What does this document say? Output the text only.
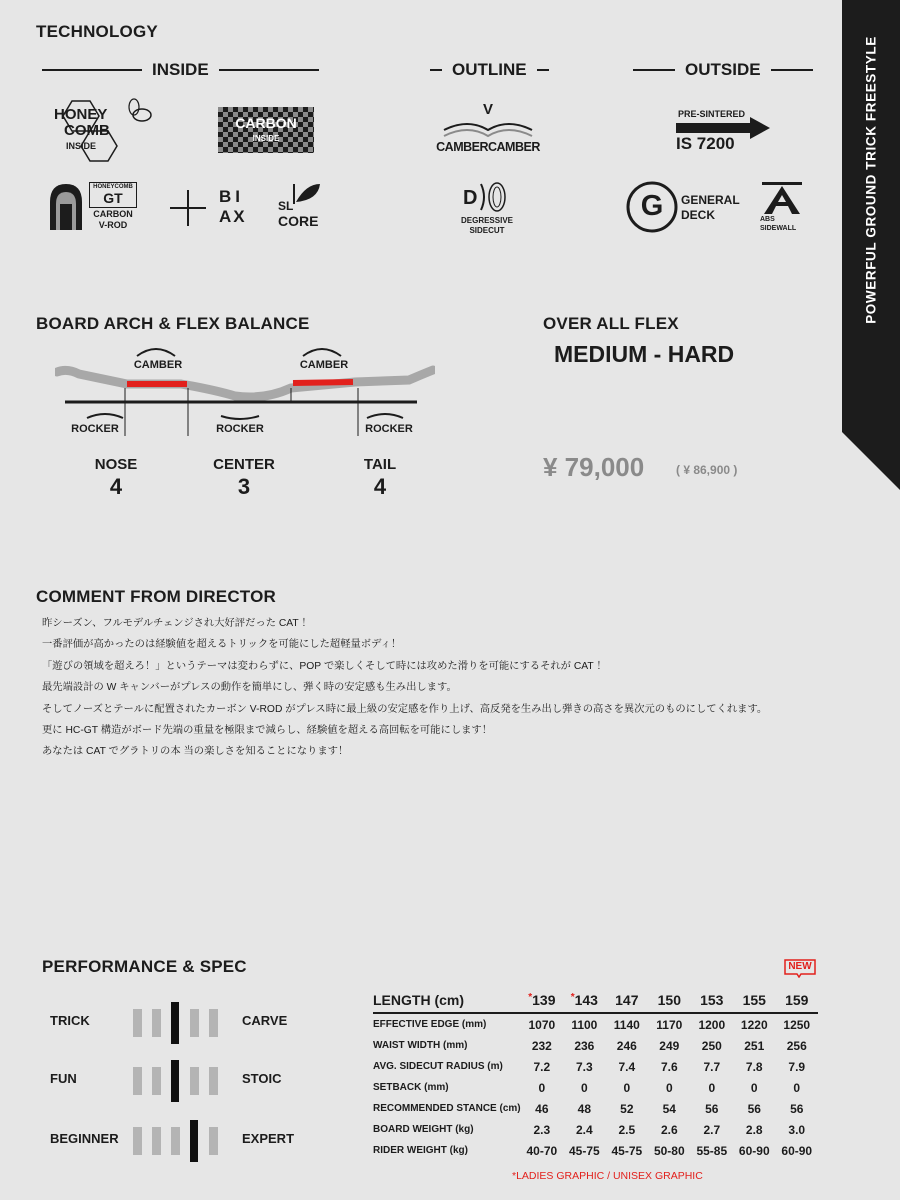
POWERFUL GROUND TRICK FREESTYLE
TECHNOLOGY
INSIDE	OUTLINE	OUTSIDE
HONEY
COMB
INSIDE
CARBON
INSIDE
HONEYCOMB
GT
CARBON
V-ROD
BI
AX
SL
CORE
V
CAMBERCAMBER
D
DEGRESSIVE
SIDECUT
PRE-SINTERED
IS 7200
G	GENERAL
DECK	ABS
SIDEWALL
BOARD ARCH & FLEX BALANCE
CAMBER	CAMBER
ROCKER	ROCKER	ROCKER
NOSE
4
CENTER
3
TAIL
4
OVER ALL FLEX
MEDIUM - HARD
¥ 79,000	( ¥ 86,900 )
COMMENT FROM DIRECTOR

昨シーズン、フルモデルチェンジされ大好評だった CAT ！

一番評価が高かったのは経験値を超えるトリックを可能にした超軽量ボディ！

「遊びの領域を超えろ！」というテーマは変わらずに、POP で楽しくそして時には攻めた滑りを可能にするそれが CAT ！

最先端設計の W キャンバーがプレスの動作を簡単にし、弾く時の安定感も生み出します。

そしてノーズとテールに配置されたカーボン V-ROD がプレス時に最上級の安定感を作り上げ、高反発を生み出し弾きの高さを異次元のものにしてくれます。

更に HC-GT 構造がボード先端の重量を極限まで減らし、経験値を超える高回転を可能にします！

あなたは CAT でグラトリの本 当の楽しさを知ることになります！

PERFORMANCE & SPEC
TRICK	CARVE
FUN	STOIC
BEGINNER	EXPERT
NEW
LENGTH (cm)	*139	*143	147	150	153	155	159
EFFECTIVE EDGE (mm)	1070	1100	1140	1170	1200	1220	1250
WAIST WIDTH (mm)	232	236	246	249	250	251	256
AVG. SIDECUT RADIUS (m)	7.2	7.3	7.4	7.6	7.7	7.8	7.9
SETBACK (mm)	0	0	0	0	0	0	0
RECOMMENDED STANCE (cm)	46	48	52	54	56	56	56
BOARD WEIGHT (kg)	2.3	2.4	2.5	2.6	2.7	2.8	3.0
RIDER WEIGHT (kg)	40-70	45-75	45-75	50-80	55-85	60-90	60-90
*LADIES GRAPHIC / UNISEX GRAPHIC
